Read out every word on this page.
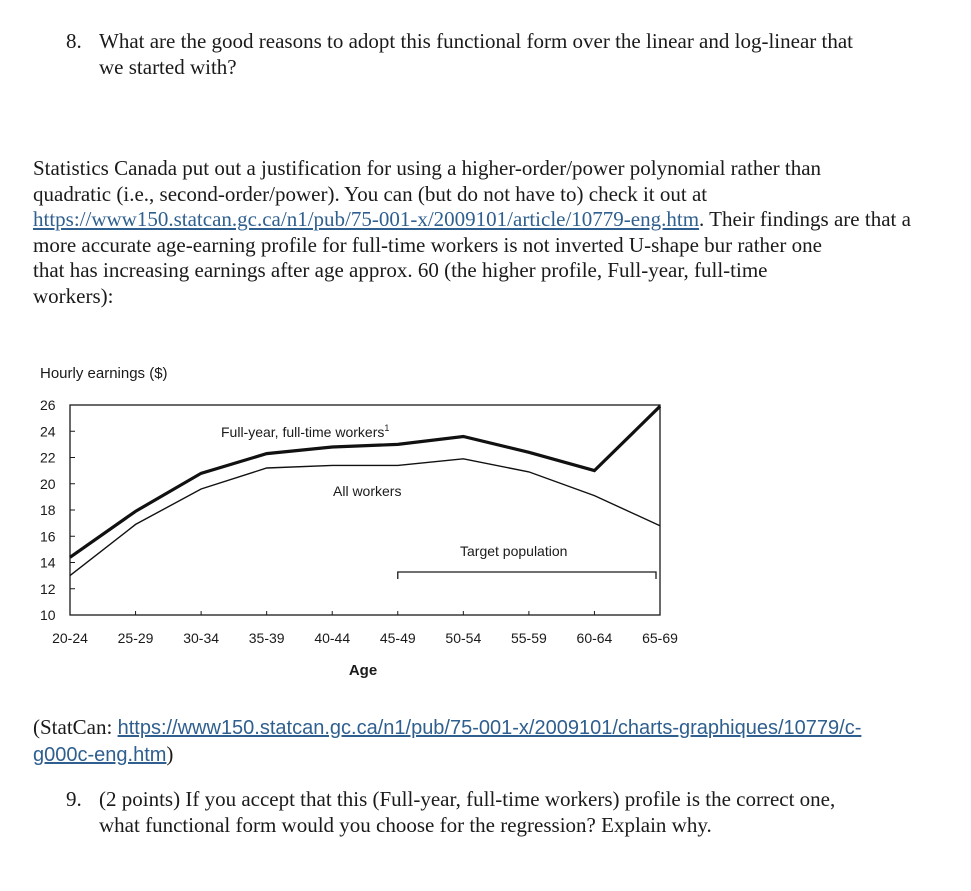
8. What are the good reasons to adopt this functional form over the linear and log-linear that
we started with?
Statistics Canada put out a justification for using a higher-order/power polynomial rather than
quadratic (i.e., second-order/power). You can (but do not have to) check it out at
https://www150.statcan.gc.ca/n1/pub/75-001-x/2009101/article/10779-eng.htm. Their findings are that a
more accurate age-earning profile for full-time workers is not inverted U-shape bur rather one
that has increasing earnings after age approx. 60 (the higher profile, Full-year, full-time
workers):
Hourly earnings ($)
10
12
14
16
18
20
22
24
26
20-24 25-29 30-34 35-39 40-44 45-49 50-54 55-59 60-64 65-69
Full-year, full-time workers$^1$
All workers
Target population
Age
(StatCan: https://www150.statcan.gc.ca/n1/pub/75-001-x/2009101/charts-graphiques/10779/c-
g000c-eng.htm)
9. (2 points) If you accept that this (Full-year, full-time workers) profile is the correct one,
what functional form would you choose for the regression? Explain why.
